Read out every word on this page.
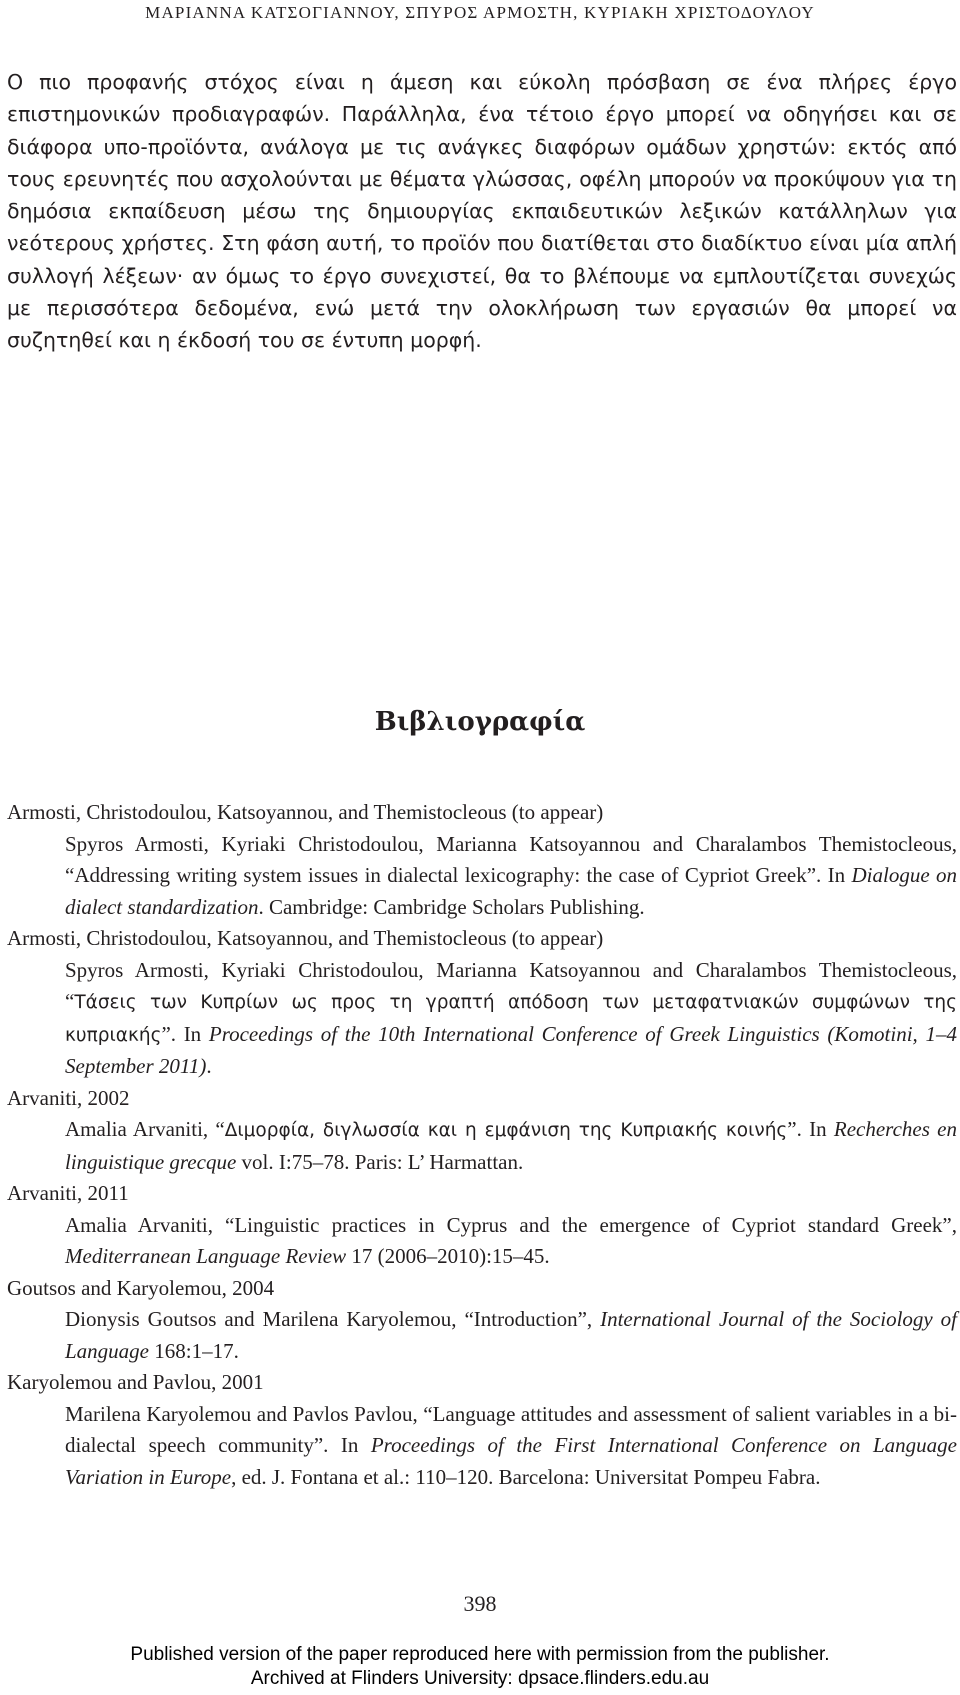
ΜΑΡΙΑΝΝΑ ΚΑΤΣΟΓΙΑΝΝΟΥ, ΣΠΥΡΟΣ ΑΡΜΟΣΤΗ, ΚΥΡΙΑΚΗ ΧΡΙΣΤΟΔΟΥΛΟΥ

Ο πιο προφανής στόχος είναι η άμεση και εύκολη πρόσβαση σε ένα πλήρες έργο επιστημονικών προδιαγραφών. Παράλληλα, ένα τέτοιο έργο μπορεί να οδηγήσει και σε διάφορα υπο-προϊόντα, ανάλογα με τις ανάγκες διαφόρων ομάδων χρηστών: εκτός από τους ερευνητές που ασχολούνται με θέματα γλώσσας, οφέλη μπορούν να προκύψουν για τη δημόσια εκπαίδευση μέσω της δημιουργίας εκπαιδευτικών λεξικών κατάλληλων για νεότερους χρήστες. Στη φάση αυτή, το προϊόν που διατίθεται στο διαδίκτυο είναι μία απλή συλλογή λέξεων· αν όμως το έργο συνεχιστεί, θα το βλέπουμε να εμπλουτίζεται συνεχώς με περισσότερα δεδομένα, ενώ μετά την ολοκλήρωση των εργασιών θα μπορεί να συζητηθεί και η έκδοσή του σε έντυπη μορφή.

Βιβλιογραφία

Armosti, Christodoulou, Katsoyannou, and Themistocleous (to appear)

Spyros Armosti, Kyriaki Christodoulou, Marianna Katsoyannou and Charalambos Themistocleous, “Addressing writing system issues in dialectal lexicography: the case of Cypriot Greek”. In Dialogue on dialect standardization. Cambridge: Cambridge Scholars Publishing.

Armosti, Christodoulou, Katsoyannou, and Themistocleous (to appear)

Spyros Armosti, Kyriaki Christodoulou, Marianna Katsoyannou and Charalambos Themistocleous, “Τάσεις των Κυπρίων ως προς τη γραπτή απόδοση των μεταφατνιακών συμφώνων της κυπριακής”. In Proceedings of the 10th International Conference of Greek Linguistics (Komotini, 1–4 September 2011).

Arvaniti, 2002

Amalia Arvaniti, “Διμορφία, διγλωσσία και η εμφάνιση της Κυπριακής κοινής”. In Recherches en linguistique grecque vol. I:75–78. Paris: L’ Harmattan.

Arvaniti, 2011

Amalia Arvaniti, “Linguistic practices in Cyprus and the emergence of Cypriot standard Greek”, Mediterranean Language Review 17 (2006–2010):15–45.

Goutsos and Karyolemou, 2004

Dionysis Goutsos and Marilena Karyolemou, “Introduction”, International Journal of the Sociology of Language 168:1–17.

Karyolemou and Pavlou, 2001

Marilena Karyolemou and Pavlos Pavlou, “Language attitudes and assessment of salient variables in a bi-dialectal speech community”. In Proceedings of the First International Conference on Language Variation in Europe, ed. J. Fontana et al.: 110–120. Barcelona: Universitat Pompeu Fabra.

398
Published version of the paper reproduced here with permission from the publisher.
Archived at Flinders University: dpsace.flinders.edu.au
